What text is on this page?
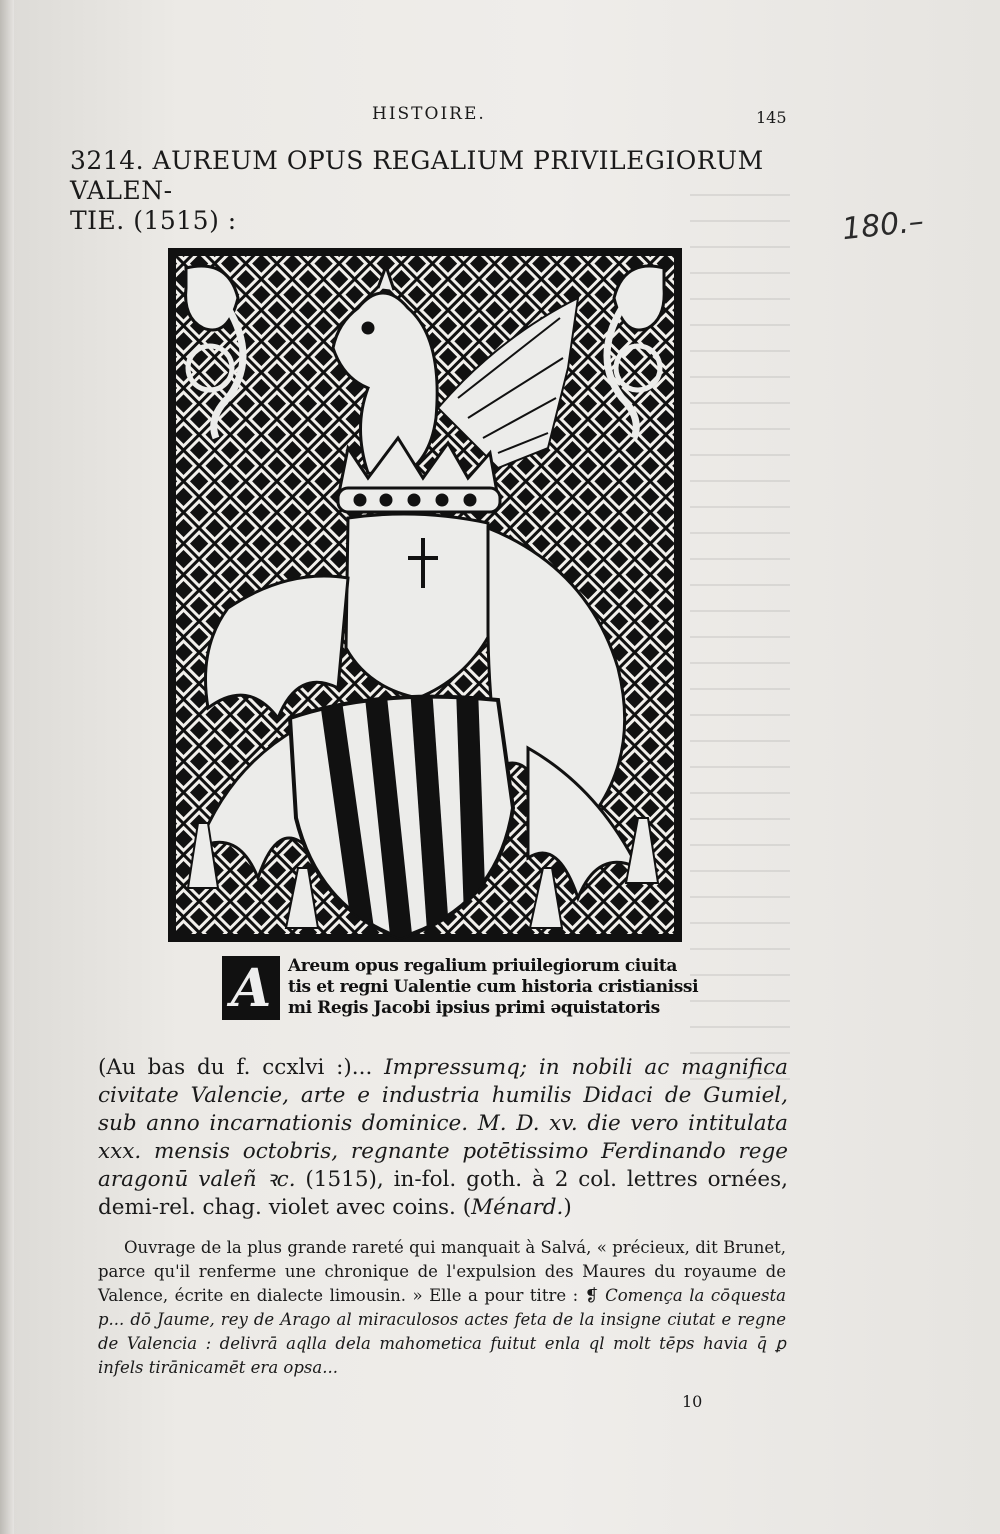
HISTOIRE.	145
3214. AUREUM OPUS REGALIUM PRIVILEGIORUM VALEN-
TIE. (1515) :	180.–
A Areum opus regalium priuilegiorum ciuita
tis et regni Ualentie cum historia cristianissi
mi Regis Jacobi ipsius primi əquistatoris
(Au bas du f. ccxlvi :)... Impressumq; in nobili ac magnifica civitate Valencie, arte e industria humilis Didaci de Gumiel, sub anno incarnationis dominice. M. D. xv. die vero intitulata xxx. mensis octobris, regnante potētissimo Ferdinando rege aragonū valeñ ꝛc. (1515), in-fol. goth. à 2 col. lettres ornées, demi-rel. chag. violet avec coins. (Ménard.)
Ouvrage de la plus grande rareté qui manquait à Salvá, « précieux, dit Brunet, parce qu'il renferme une chronique de l'expulsion des Maures du royaume de Valence, écrite en dialecte limousin. » Elle a pour titre : ❡ Comença la cōquesta p... dō Jaume, rey de Arago al miraculosos actes feta de la insigne ciutat e regne de Valencia : delivrā aqlla dela mahometica fuitut enla ql molt tēps havia q̄ ꝑ infels tirānicamēt era opsa...
10
